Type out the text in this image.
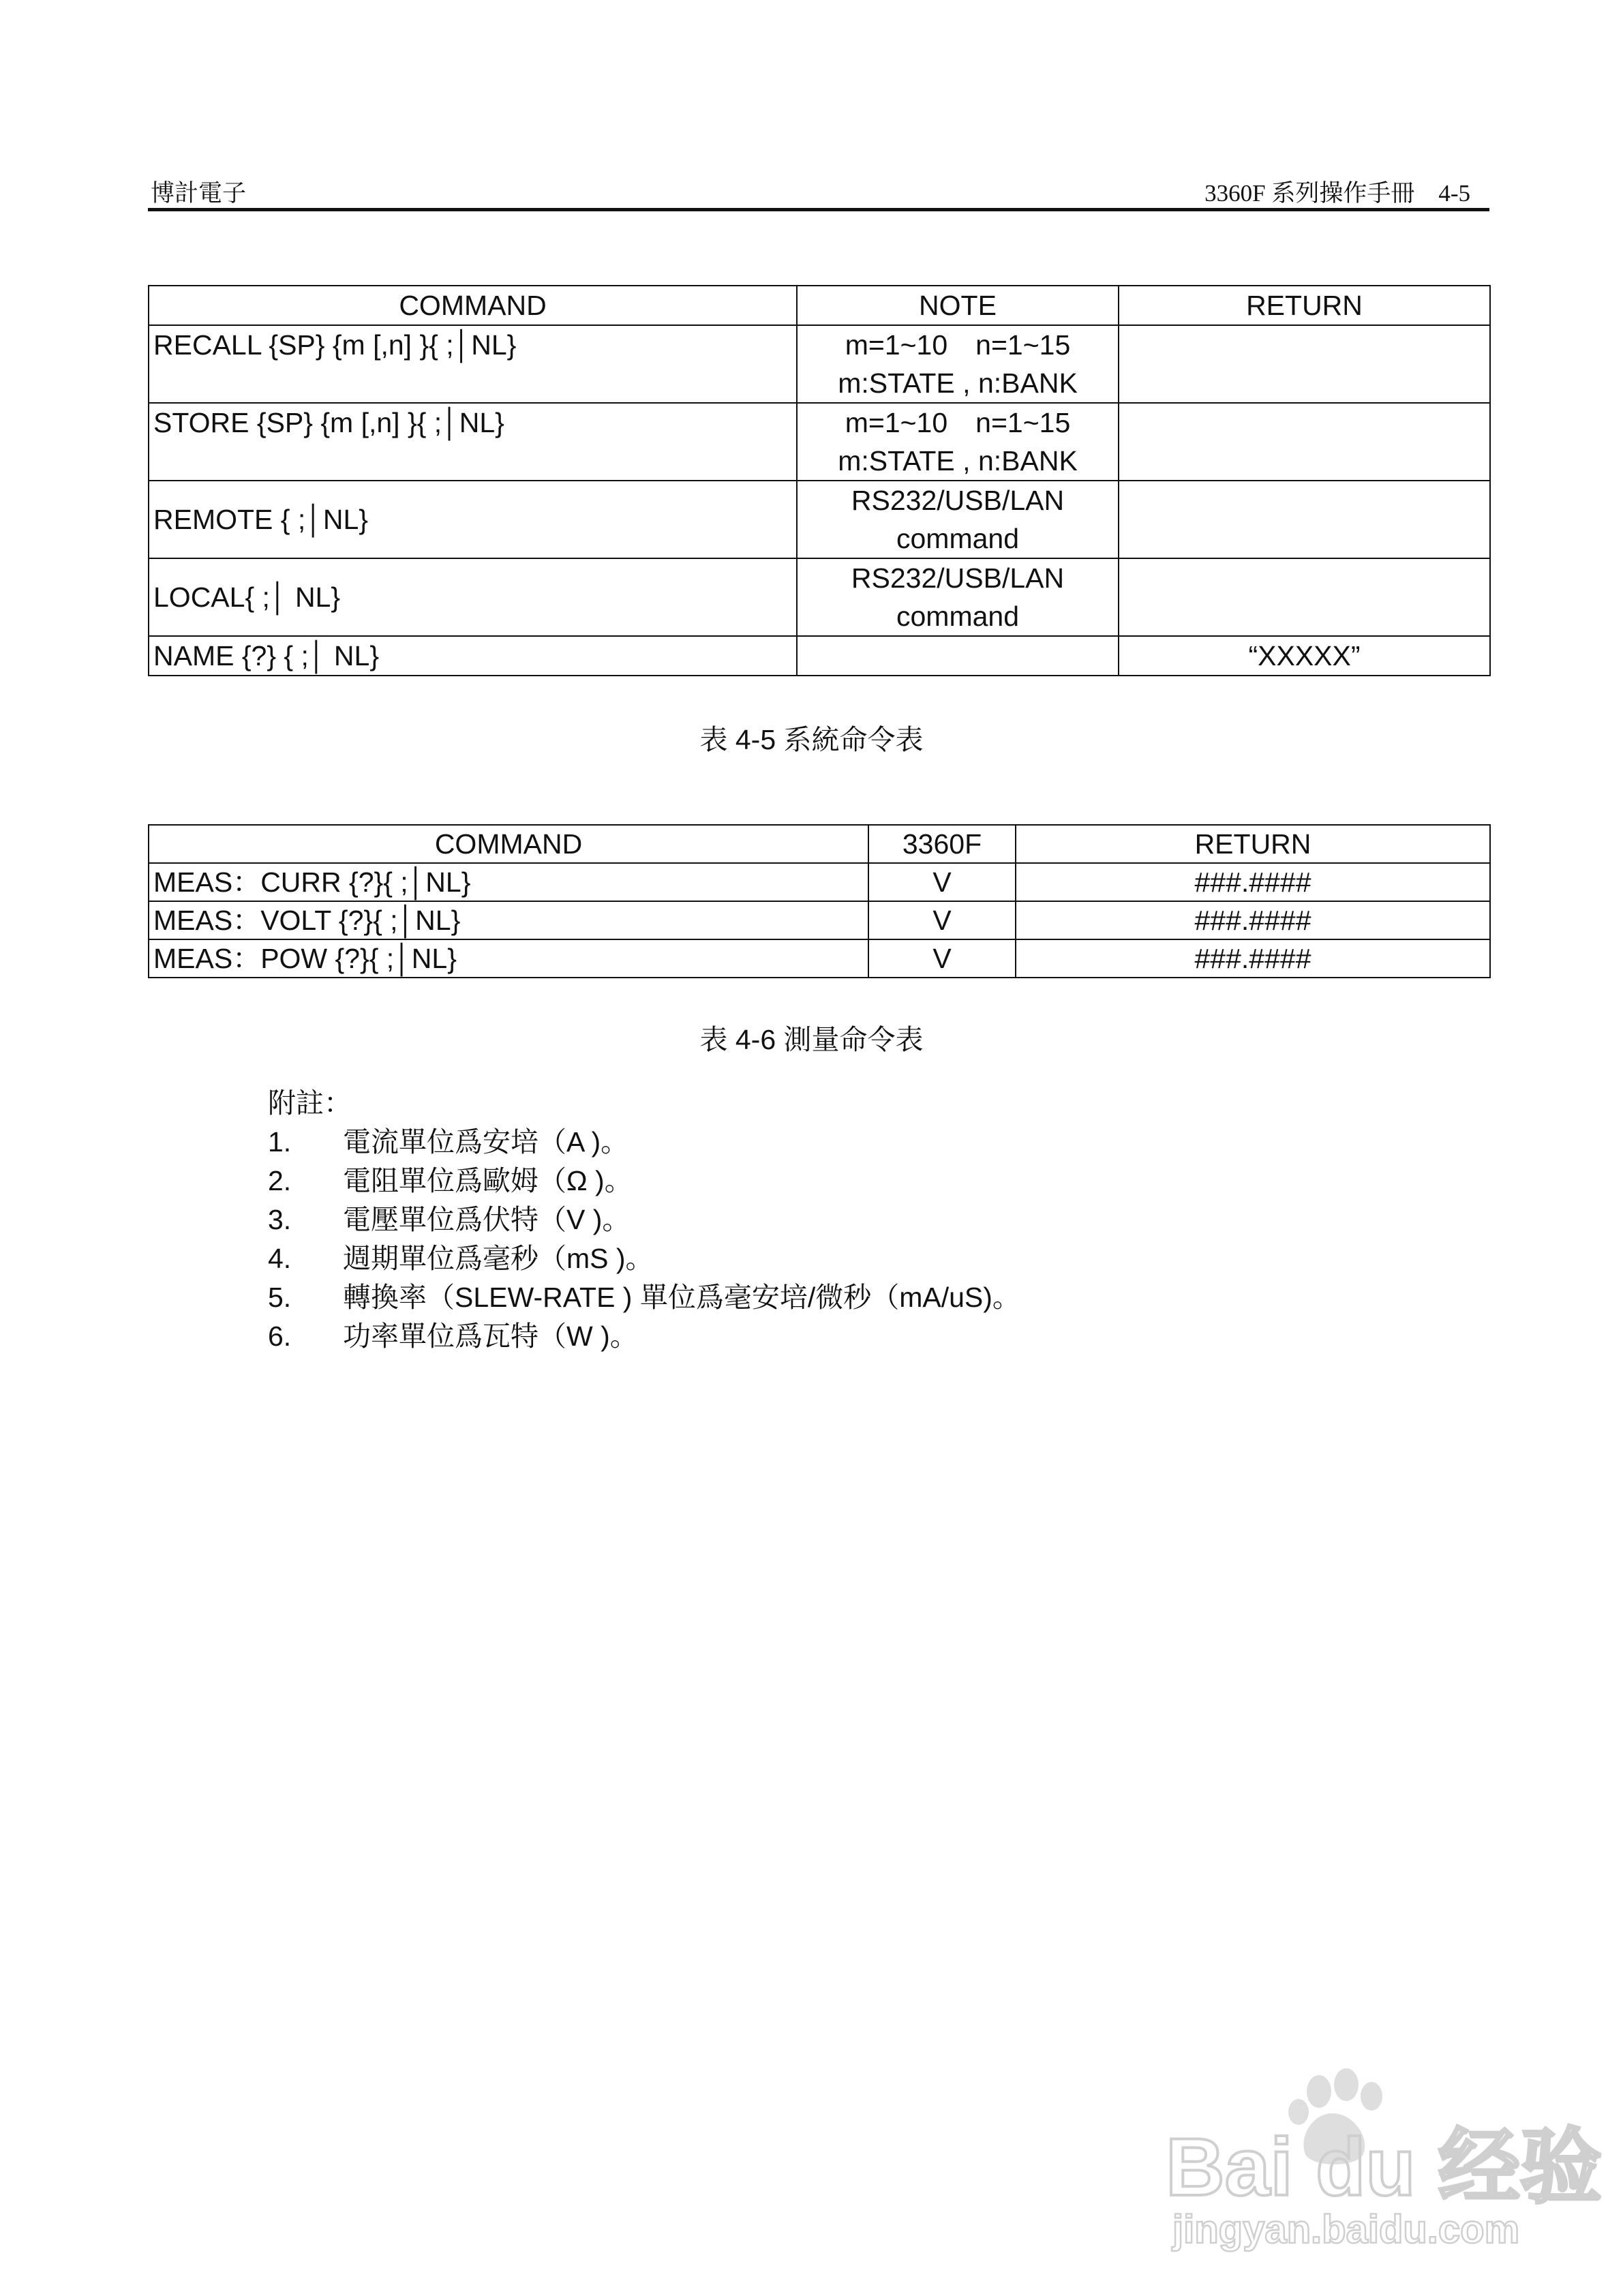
博計電子	3360F 系列操作手冊　4-5
COMMAND	NOTE	RETURN
RECALL {SP} {m [,n] }{ ;│NL}	m=1~10　n=1~15
m:STATE , n:BANK	

STORE {SP} {m [,n] }{ ;│NL}	m=1~10　n=1~15
m:STATE , n:BANK	

REMOTE { ;│NL}	RS232/USB/LAN
command	

LOCAL{ ;│ NL}	RS232/USB/LAN
command	

NAME {?} { ;│ NL}		“XXXXX”
表 4-5 系統命令表
COMMAND	3360F	RETURN
MEAS：CURR {?}{ ;│NL}	V	###.####
MEAS：VOLT {?}{ ;│NL}	V	###.####
MEAS：POW {?}{ ;│NL}	V	###.####
表 4-6 測量命令表
附註：
1. 電流單位爲安培（A )。
2. 電阻單位爲歐姆（Ω )。
3. 電壓單位爲伏特（V )。
4. 週期單位爲毫秒（mS )。
5. 轉換率（SLEW-RATE ) 單位爲毫安培/微秒（mA/uS)。
6. 功率單位爲瓦特（W )。
Bai du 经验
jingyan.baidu.com
